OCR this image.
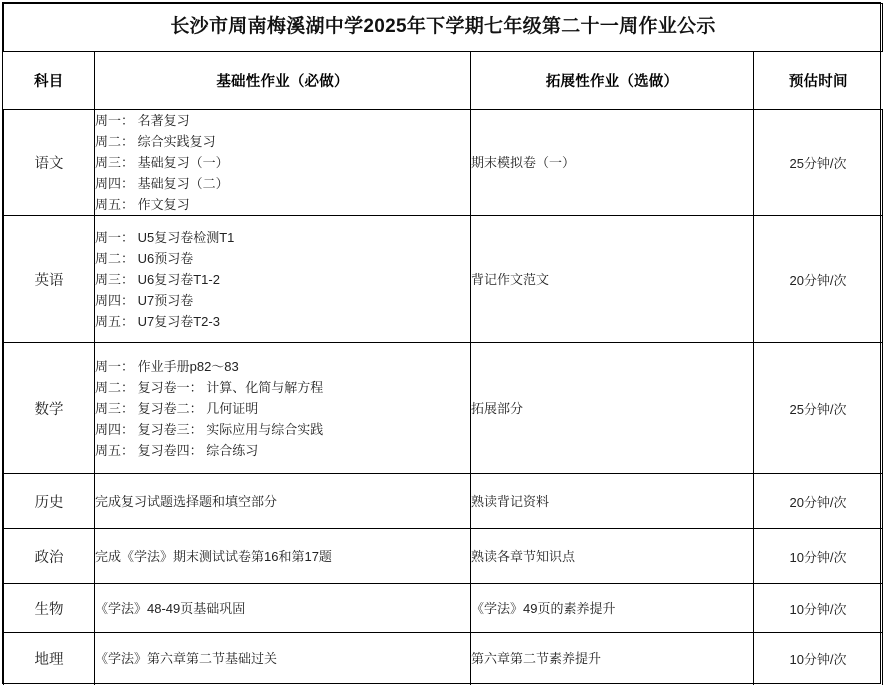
长沙市周南梅溪湖中学2025年下学期七年级第二十一周作业公示			
科目	基础性作业（必做）	拓展性作业（选做）	预估时间
语文	周一： 名著复习
周二： 综合实践复习
周三： 基础复习（一）
周四： 基础复习（二）
周五： 作文复习	期末模拟卷（一）	25分钟/次
英语	周一： U5复习卷检测T1
周二： U6预习卷
周三： U6复习卷T1-2
周四： U7预习卷
周五： U7复习卷T2-3	背记作文范文	20分钟/次
数学	周一： 作业手册p82～83
周二： 复习卷一： 计算、化简与解方程
周三： 复习卷二： 几何证明
周四： 复习卷三： 实际应用与综合实践
周五： 复习卷四： 综合练习	拓展部分	25分钟/次
历史	完成复习试题选择题和填空部分	熟读背记资料	20分钟/次
政治	完成《学法》期末测试试卷第16和第17题	熟读各章节知识点	10分钟/次
生物	《学法》48-49页基础巩固	《学法》49页的素养提升	10分钟/次
地理	《学法》第六章第二节基础过关	第六章第二节素养提升	10分钟/次
